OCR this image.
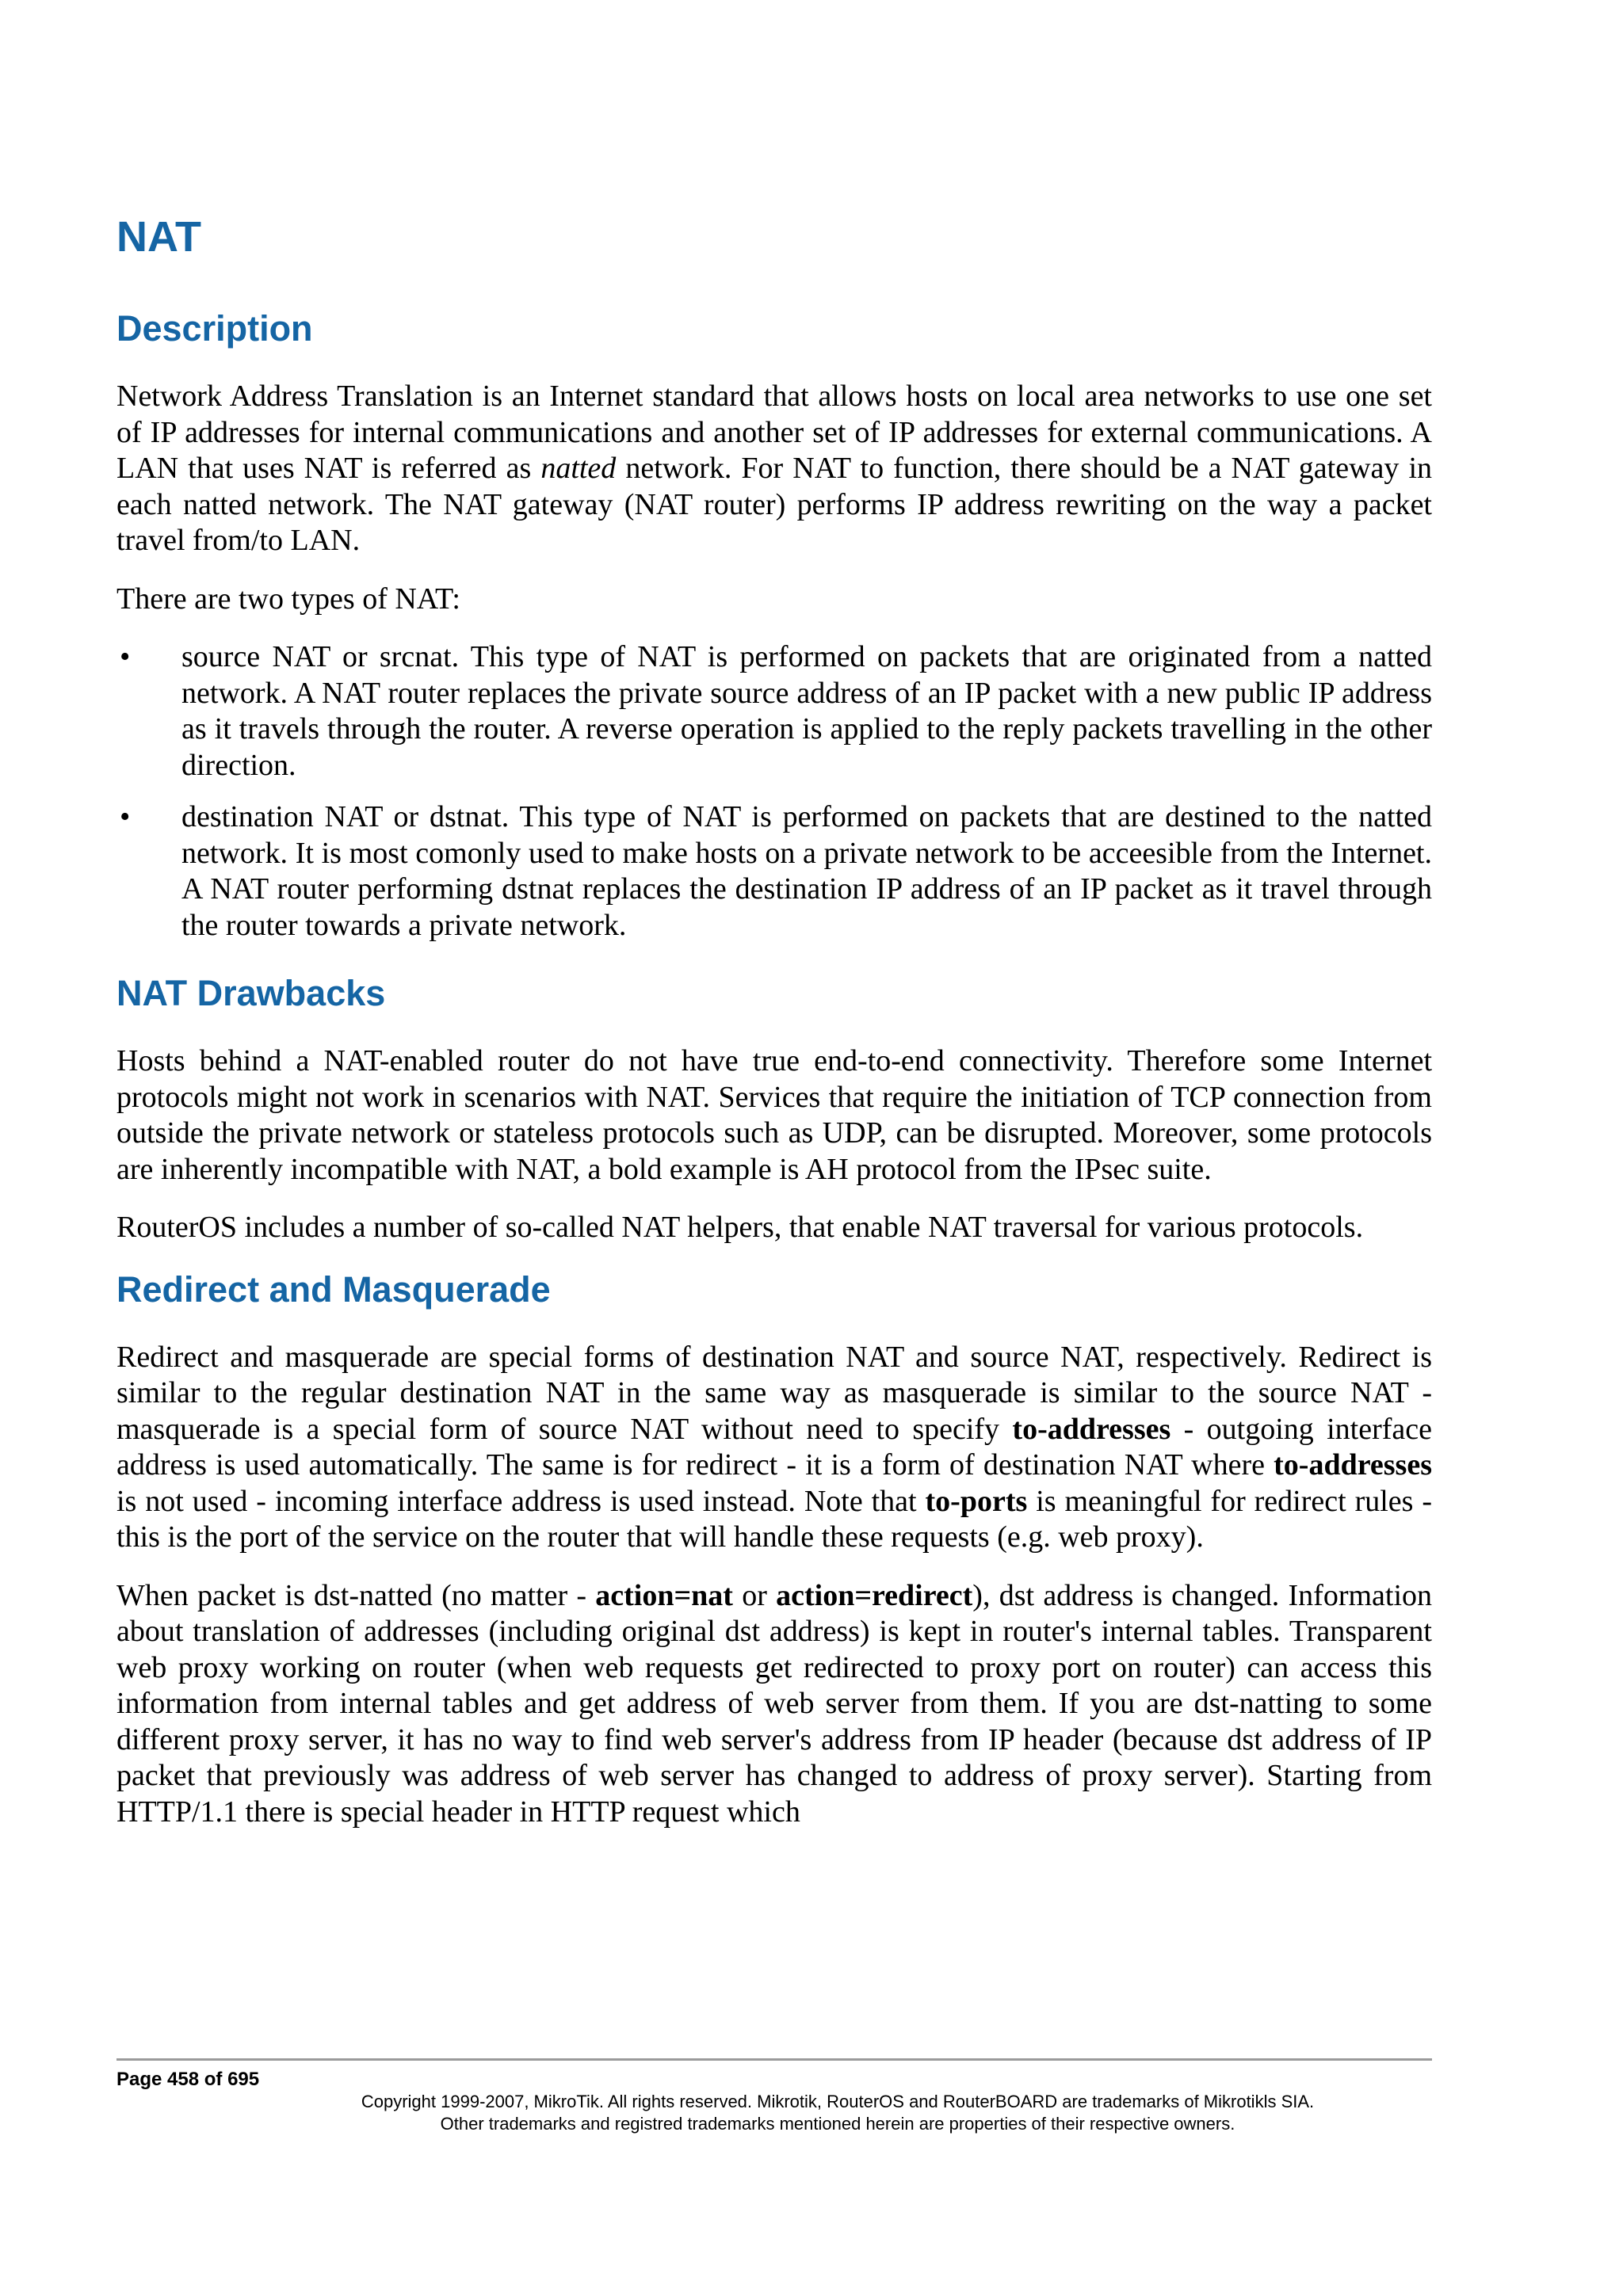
NAT
Description

Network Address Translation is an Internet standard that allows hosts on local area networks to use one set of IP addresses for internal communications and another set of IP addresses for external communications. A LAN that uses NAT is referred as natted network. For NAT to function, there should be a NAT gateway in each natted network. The NAT gateway (NAT router) performs IP address rewriting on the way a packet travel from/to LAN.

There are two types of NAT:

• source NAT or srcnat. This type of NAT is performed on packets that are originated from a natted network. A NAT router replaces the private source address of an IP packet with a new public IP address as it travels through the router. A reverse operation is applied to the reply packets travelling in the other direction.
• destination NAT or dstnat. This type of NAT is performed on packets that are destined to the natted network. It is most comonly used to make hosts on a private network to be acceesible from the Internet. A NAT router performing dstnat replaces the destination IP address of an IP packet as it travel through the router towards a private network.
NAT Drawbacks

Hosts behind a NAT-enabled router do not have true end-to-end connectivity. Therefore some Internet protocols might not work in scenarios with NAT. Services that require the initiation of TCP connection from outside the private network or stateless protocols such as UDP, can be disrupted. Moreover, some protocols are inherently incompatible with NAT, a bold example is AH protocol from the IPsec suite.

RouterOS includes a number of so-called NAT helpers, that enable NAT traversal for various protocols.

Redirect and Masquerade

Redirect and masquerade are special forms of destination NAT and source NAT, respectively. Redirect is similar to the regular destination NAT in the same way as masquerade is similar to the source NAT - masquerade is a special form of source NAT without need to specify to-addresses - outgoing interface address is used automatically. The same is for redirect - it is a form of destination NAT where to-addresses is not used - incoming interface address is used instead. Note that to-ports is meaningful for redirect rules - this is the port of the service on the router that will handle these requests (e.g. web proxy).

When packet is dst-natted (no matter - action=nat or action=redirect), dst address is changed. Information about translation of addresses (including original dst address) is kept in router's internal tables. Transparent web proxy working on router (when web requests get redirected to proxy port on router) can access this information from internal tables and get address of web server from them. If you are dst-natting to some different proxy server, it has no way to find web server's address from IP header (because dst address of IP packet that previously was address of web server has changed to address of proxy server). Starting from HTTP/1.1 there is special header in HTTP request which

Page 458 of 695
Copyright 1999-2007, MikroTik. All rights reserved. Mikrotik, RouterOS and RouterBOARD are trademarks of Mikrotikls SIA.
Other trademarks and registred trademarks mentioned herein are properties of their respective owners.
